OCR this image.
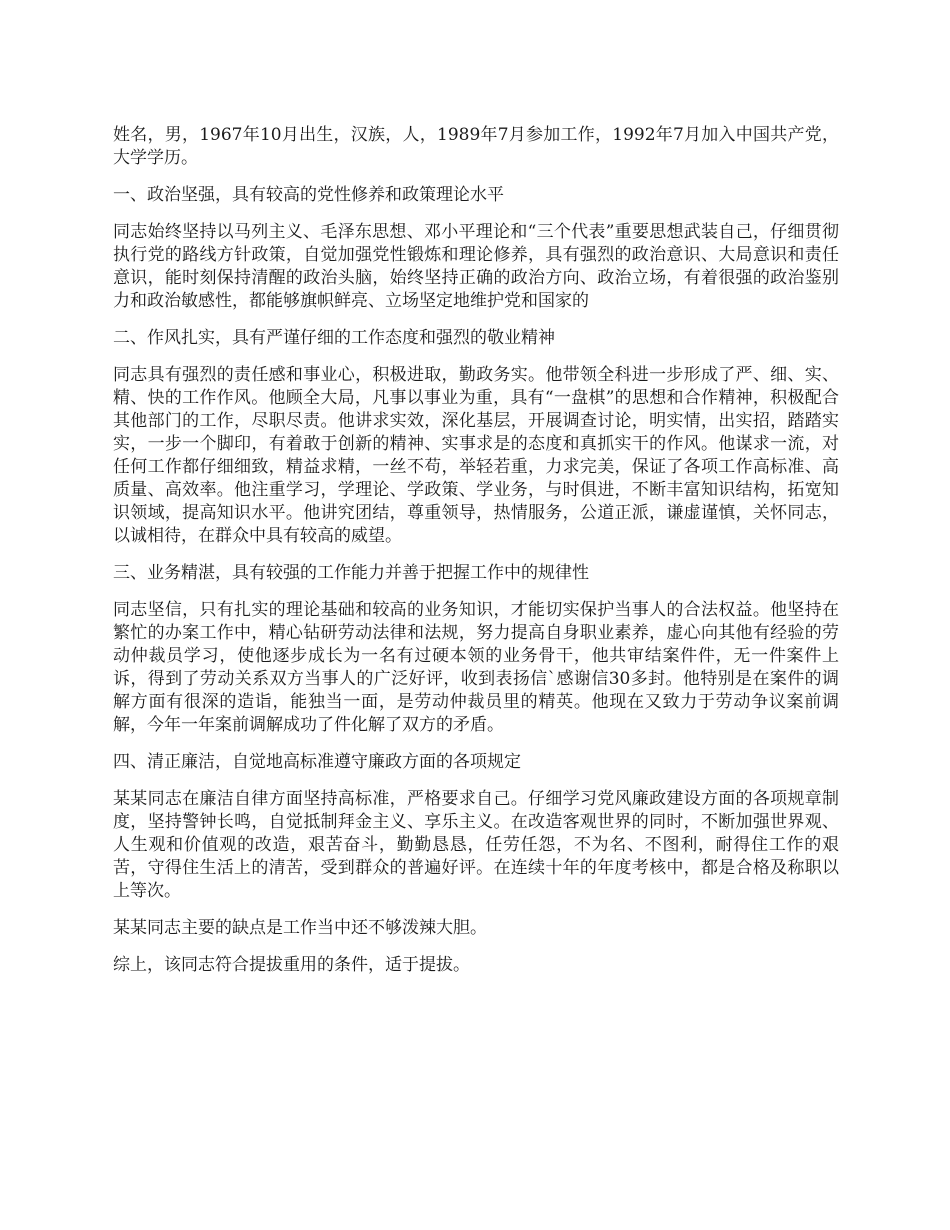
姓名，男，1967年10月出生，汉族，人，1989年7月参加工作，1992年7月加入中国共产党，大学学历。

一、政治坚强，具有较高的党性修养和政策理论水平

同志始终坚持以马列主义、毛泽东思想、邓小平理论和“三个代表”重要思想武装自己，仔细贯彻执行党的路线方针政策，自觉加强党性锻炼和理论修养，具有强烈的政治意识、大局意识和责任意识，能时刻保持清醒的政治头脑，始终坚持正确的政治方向、政治立场，有着很强的政治鉴别力和政治敏感性，都能够旗帜鲜亮、立场坚定地维护党和国家的

二、作风扎实，具有严谨仔细的工作态度和强烈的敬业精神

同志具有强烈的责任感和事业心，积极进取，勤政务实。他带领全科进一步形成了严、细、实、精、快的工作作风。他顾全大局，凡事以事业为重，具有“一盘棋”的思想和合作精神，积极配合其他部门的工作，尽职尽责。他讲求实效，深化基层，开展调查讨论，明实情，出实招，踏踏实实，一步一个脚印，有着敢于创新的精神、实事求是的态度和真抓实干的作风。他谋求一流，对任何工作都仔细细致，精益求精，一丝不苟，举轻若重，力求完美，保证了各项工作高标准、高质量、高效率。他注重学习，学理论、学政策、学业务，与时俱进，不断丰富知识结构，拓宽知识领域，提高知识水平。他讲究团结，尊重领导，热情服务，公道正派，谦虚谨慎，关怀同志，以诚相待，在群众中具有较高的威望。

三、业务精湛，具有较强的工作能力并善于把握工作中的规律性

同志坚信，只有扎实的理论基础和较高的业务知识，才能切实保护当事人的合法权益。他坚持在繁忙的办案工作中，精心钻研劳动法律和法规，努力提高自身职业素养，虚心向其他有经验的劳动仲裁员学习，使他逐步成长为一名有过硬本领的业务骨干，他共审结案件件，无一件案件上诉，得到了劳动关系双方当事人的广泛好评，收到表扬信`感谢信30多封。他特别是在案件的调解方面有很深的造诣，能独当一面，是劳动仲裁员里的精英。他现在又致力于劳动争议案前调解，今年一年案前调解成功了件化解了双方的矛盾。

四、清正廉洁，自觉地高标准遵守廉政方面的各项规定

某某同志在廉洁自律方面坚持高标准，严格要求自己。仔细学习党风廉政建设方面的各项规章制度，坚持警钟长鸣，自觉抵制拜金主义、享乐主义。在改造客观世界的同时，不断加强世界观、人生观和价值观的改造，艰苦奋斗，勤勤恳恳，任劳任怨，不为名、不图利，耐得住工作的艰苦，守得住生活上的清苦，受到群众的普遍好评。在连续十年的年度考核中，都是合格及称职以上等次。

某某同志主要的缺点是工作当中还不够泼辣大胆。

综上，该同志符合提拔重用的条件，适于提拔。
